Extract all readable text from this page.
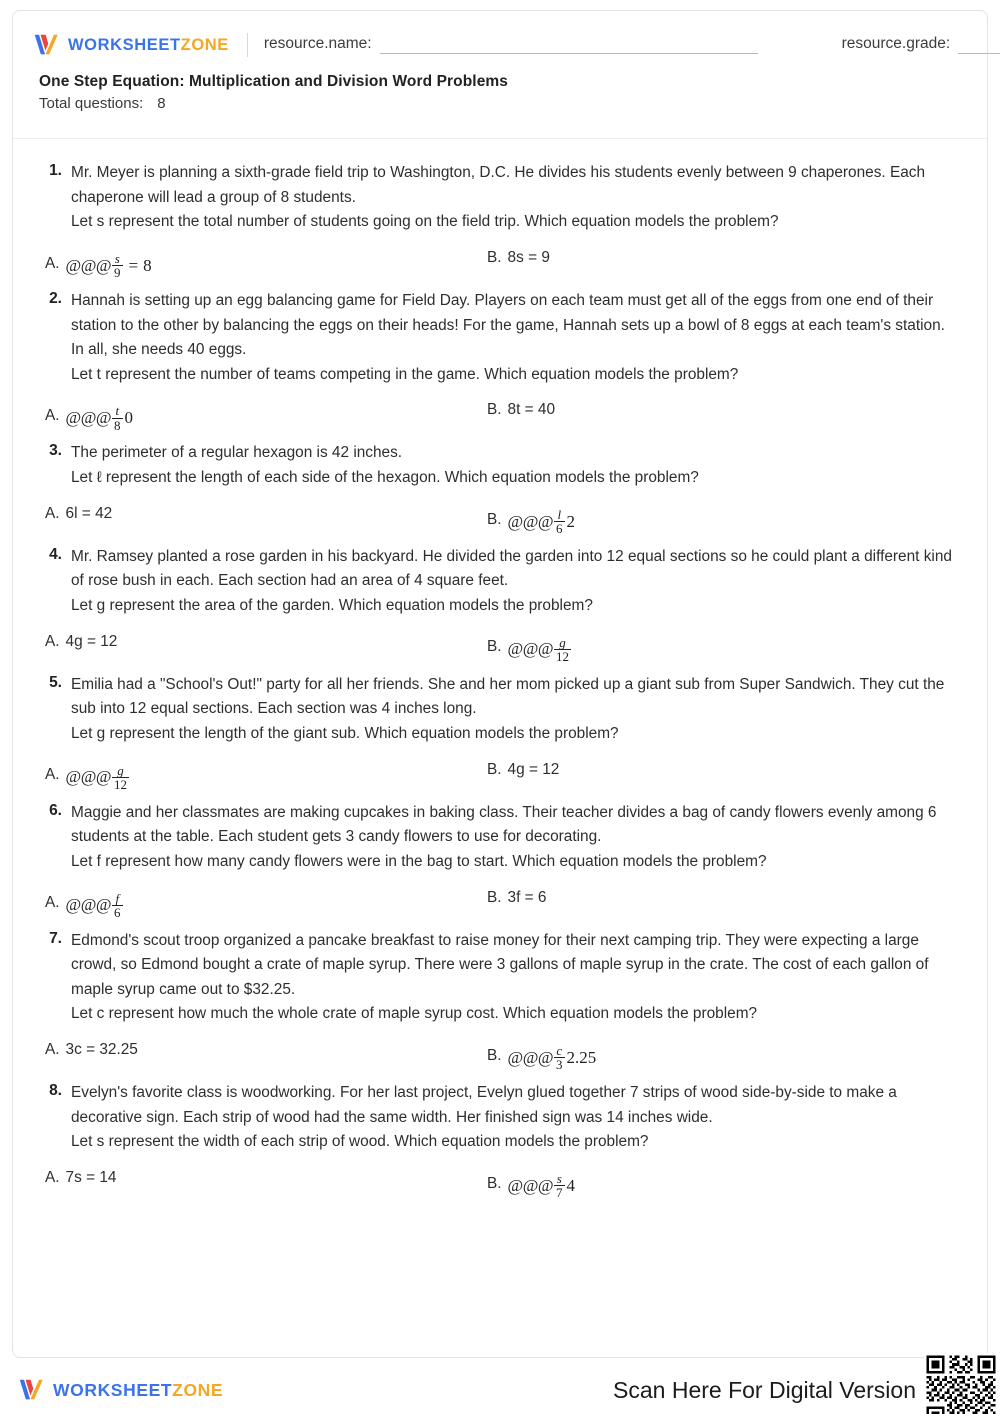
WORKSHEETZONE resource.name:	resource.grade:
One Step Equation: Multiplication and Division Word Problems
Total questions: 8
1. Mr. Meyer is planning a sixth-grade field trip to Washington, D.C. He divides his students evenly between 9 chaperones. Each chaperone will lead a group of 8 students.
Let s represent the total number of students going on the field trip. Which equation models the problem?
A. @@@ $\frac{s}{9} = 8$	B. 8s = 9
2. Hannah is setting up an egg balancing game for Field Day. Players on each team must get all of the eggs from one end of their station to the other by balancing the eggs on their heads! For the game, Hannah sets up a bowl of 8 eggs at each team's station. In all, she needs 40 eggs.
Let t represent the number of teams competing in the game. Which equation models the problem?
A. @@@ $\frac{t}{8} 0$	B. 8t = 40
3. The perimeter of a regular hexagon is 42 inches.
Let ℓ represent the length of each side of the hexagon. Which equation models the problem?
A. 6l = 42	B. @@@ $\frac{l}{6} 2$
4. Mr. Ramsey planted a rose garden in his backyard. He divided the garden into 12 equal sections so he could plant a different kind of rose bush in each. Each section had an area of 4 square feet.
Let g represent the area of the garden. Which equation models the problem?
A. 4g = 12	B. @@@ $\frac{g}{12}$
5. Emilia had a "School's Out!" party for all her friends. She and her mom picked up a giant sub from Super Sandwich. They cut the sub into 12 equal sections. Each section was 4 inches long.
Let g represent the length of the giant sub. Which equation models the problem?
A. @@@ $\frac{g}{12}$	B. 4g = 12
6. Maggie and her classmates are making cupcakes in baking class. Their teacher divides a bag of candy flowers evenly among 6 students at the table. Each student gets 3 candy flowers to use for decorating.
Let f represent how many candy flowers were in the bag to start. Which equation models the problem?
A. @@@ $\frac{f}{6}$	B. 3f = 6
7. Edmond's scout troop organized a pancake breakfast to raise money for their next camping trip. They were expecting a large crowd, so Edmond bought a crate of maple syrup. There were 3 gallons of maple syrup in the crate. The cost of each gallon of maple syrup came out to $32.25.
Let c represent how much the whole crate of maple syrup cost. Which equation models the problem?
A. 3c = 32.25	B. @@@ $\frac{c}{3} 2.25$
8. Evelyn's favorite class is woodworking. For her last project, Evelyn glued together 7 strips of wood side-by-side to make a decorative sign. Each strip of wood had the same width. Her finished sign was 14 inches wide.
Let s represent the width of each strip of wood. Which equation models the problem?
A. 7s = 14	B. @@@ $\frac{s}{7} 4$
WORKSHEETZONE	Scan Here For Digital Version
